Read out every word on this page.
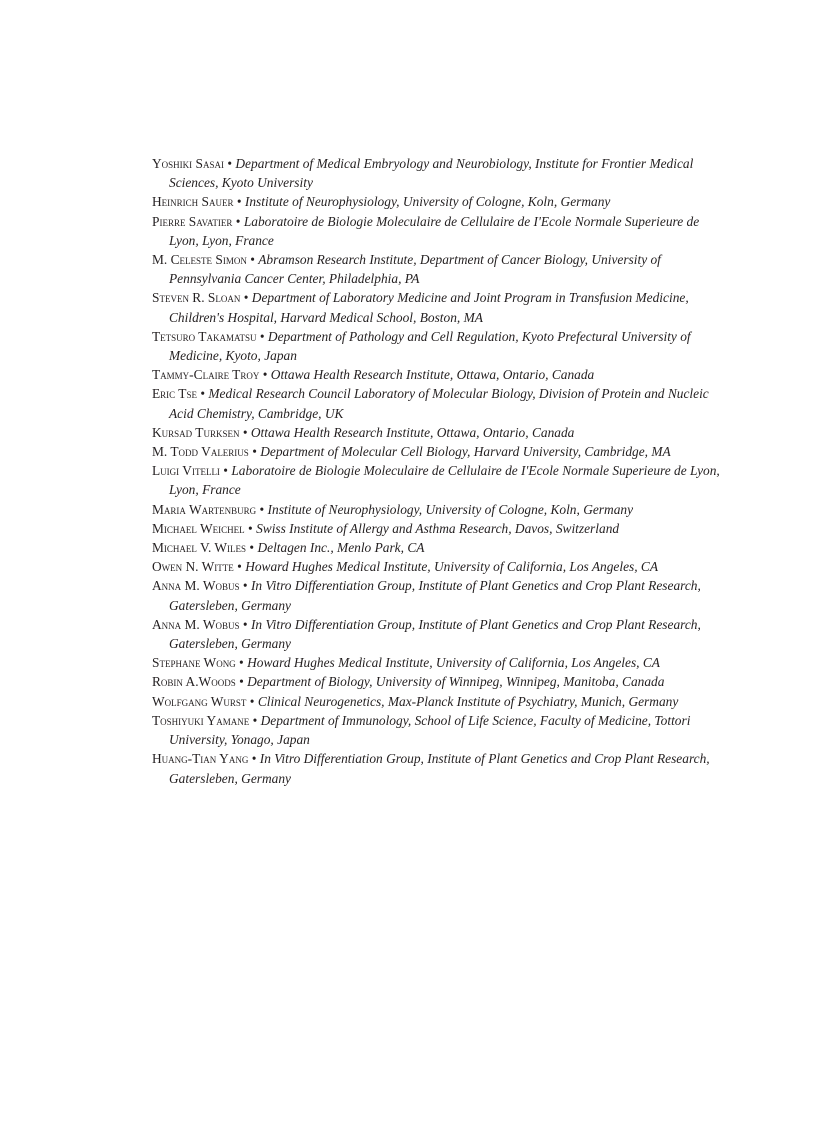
Yoshiki Sasai • Department of Medical Embryology and Neurobiology, Institute for Frontier Medical Sciences, Kyoto University
Heinrich Sauer • Institute of Neurophysiology, University of Cologne, Koln, Germany
Pierre Savatier • Laboratoire de Biologie Moleculaire de Cellulaire de I'Ecole Normale Superieure de Lyon, Lyon, France
M. Celeste Simon • Abramson Research Institute, Department of Cancer Biology, University of Pennsylvania Cancer Center, Philadelphia, PA
Steven R. Sloan • Department of Laboratory Medicine and Joint Program in Transfusion Medicine, Children's Hospital, Harvard Medical School, Boston, MA
Tetsuro Takamatsu • Department of Pathology and Cell Regulation, Kyoto Prefectural University of Medicine, Kyoto, Japan
Tammy-Claire Troy • Ottawa Health Research Institute, Ottawa, Ontario, Canada
Eric Tse • Medical Research Council Laboratory of Molecular Biology, Division of Protein and Nucleic Acid Chemistry, Cambridge, UK
Kursad Turksen • Ottawa Health Research Institute, Ottawa, Ontario, Canada
M. Todd Valerius • Department of Molecular Cell Biology, Harvard University, Cambridge, MA
Luigi Vitelli • Laboratoire de Biologie Moleculaire de Cellulaire de I'Ecole Normale Superieure de Lyon, Lyon, France
Maria Wartenburg • Institute of Neurophysiology, University of Cologne, Koln, Germany
Michael Weichel • Swiss Institute of Allergy and Asthma Research, Davos, Switzerland
Michael V. Wiles • Deltagen Inc., Menlo Park, CA
Owen N. Witte • Howard Hughes Medical Institute, University of California, Los Angeles, CA
Anna M. Wobus • In Vitro Differentiation Group, Institute of Plant Genetics and Crop Plant Research, Gatersleben, Germany
Anna M. Wobus • In Vitro Differentiation Group, Institute of Plant Genetics and Crop Plant Research, Gatersleben, Germany
Stephane Wong • Howard Hughes Medical Institute, University of California, Los Angeles, CA
Robin A.Woods • Department of Biology, University of Winnipeg, Winnipeg, Manitoba, Canada
Wolfgang Wurst • Clinical Neurogenetics, Max-Planck Institute of Psychiatry, Munich, Germany
Toshiyuki Yamane • Department of Immunology, School of Life Science, Faculty of Medicine, Tottori University, Yonago, Japan
Huang-Tian Yang • In Vitro Differentiation Group, Institute of Plant Genetics and Crop Plant Research, Gatersleben, Germany
